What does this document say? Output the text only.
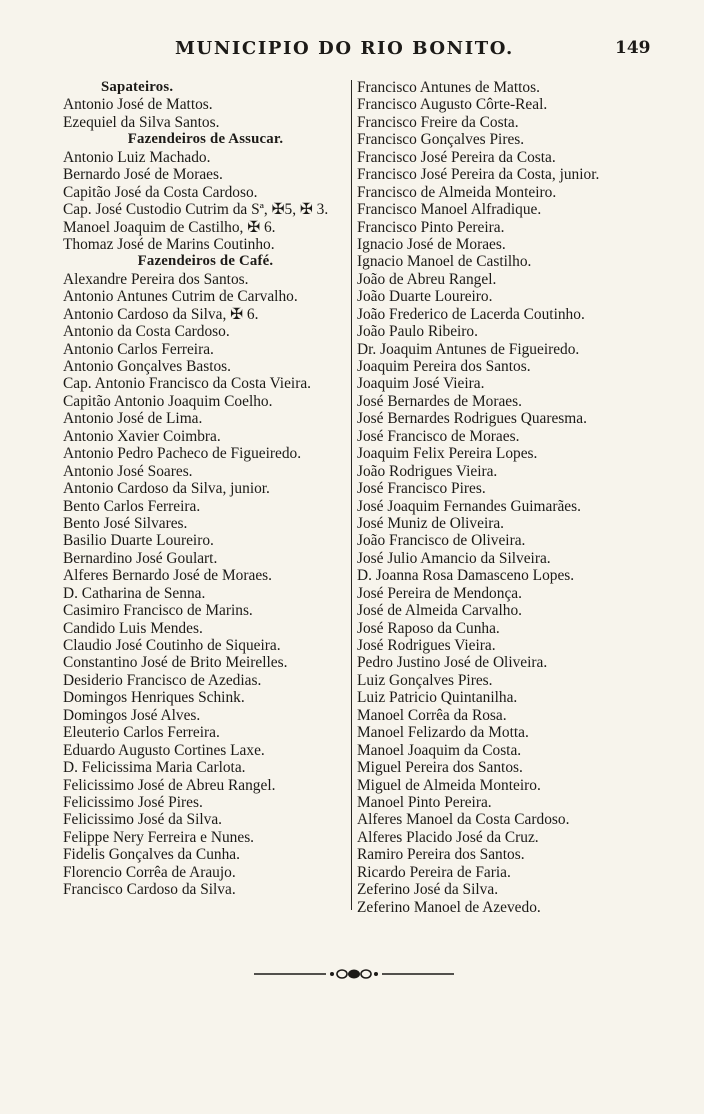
MUNICIPIO DO RIO BONITO.	149
Sapateiros.
Antonio José de Mattos.
Ezequiel da Silva Santos.
Fazendeiros de Assucar.
Antonio Luiz Machado.
Bernardo José de Moraes.
Capitão José da Costa Cardoso.
Cap. José Custodio Cutrim da Sª, ✠5, ✠ 3.
Manoel Joaquim de Castilho, ✠ 6.
Thomaz José de Marins Coutinho.
Fazendeiros de Café.
Alexandre Pereira dos Santos.
Antonio Antunes Cutrim de Carvalho.
Antonio Cardoso da Silva, ✠ 6.
Antonio da Costa Cardoso.
Antonio Carlos Ferreira.
Antonio Gonçalves Bastos.
Cap. Antonio Francisco da Costa Vieira.
Capitão Antonio Joaquim Coelho.
Antonio José de Lima.
Antonio Xavier Coimbra.
Antonio Pedro Pacheco de Figueiredo.
Antonio José Soares.
Antonio Cardoso da Silva, junior.
Bento Carlos Ferreira.
Bento José Silvares.
Basilio Duarte Loureiro.
Bernardino José Goulart.
Alferes Bernardo José de Moraes.
D. Catharina de Senna.
Casimiro Francisco de Marins.
Candido Luis Mendes.
Claudio José Coutinho de Siqueira.
Constantino José de Brito Meirelles.
Desiderio Francisco de Azedias.
Domingos Henriques Schink.
Domingos José Alves.
Eleuterio Carlos Ferreira.
Eduardo Augusto Cortines Laxe.
D. Felicissima Maria Carlota.
Felicissimo José de Abreu Rangel.
Felicissimo José Pires.
Felicissimo José da Silva.
Felippe Nery Ferreira e Nunes.
Fidelis Gonçalves da Cunha.
Florencio Corrêa de Araujo.
Francisco Cardoso da Silva.
Francisco Antunes de Mattos.
Francisco Augusto Côrte-Real.
Francisco Freire da Costa.
Francisco Gonçalves Pires.
Francisco José Pereira da Costa.
Francisco José Pereira da Costa, junior.
Francisco de Almeida Monteiro.
Francisco Manoel Alfradique.
Francisco Pinto Pereira.
Ignacio José de Moraes.
Ignacio Manoel de Castilho.
João de Abreu Rangel.
João Duarte Loureiro.
João Frederico de Lacerda Coutinho.
João Paulo Ribeiro.
Dr. Joaquim Antunes de Figueiredo.
Joaquim Pereira dos Santos.
Joaquim José Vieira.
José Bernardes de Moraes.
José Bernardes Rodrigues Quaresma.
José Francisco de Moraes.
Joaquim Felix Pereira Lopes.
João Rodrigues Vieira.
José Francisco Pires.
José Joaquim Fernandes Guimarães.
José Muniz de Oliveira.
João Francisco de Oliveira.
José Julio Amancio da Silveira.
D. Joanna Rosa Damasceno Lopes.
José Pereira de Mendonça.
José de Almeida Carvalho.
José Raposo da Cunha.
José Rodrigues Vieira.
Pedro Justino José de Oliveira.
Luiz Gonçalves Pires.
Luiz Patricio Quintanilha.
Manoel Corrêa da Rosa.
Manoel Felizardo da Motta.
Manoel Joaquim da Costa.
Miguel Pereira dos Santos.
Miguel de Almeida Monteiro.
Manoel Pinto Pereira.
Alferes Manoel da Costa Cardoso.
Alferes Placido José da Cruz.
Ramiro Pereira dos Santos.
Ricardo Pereira de Faria.
Zeferino José da Silva.
Zeferino Manoel de Azevedo.
